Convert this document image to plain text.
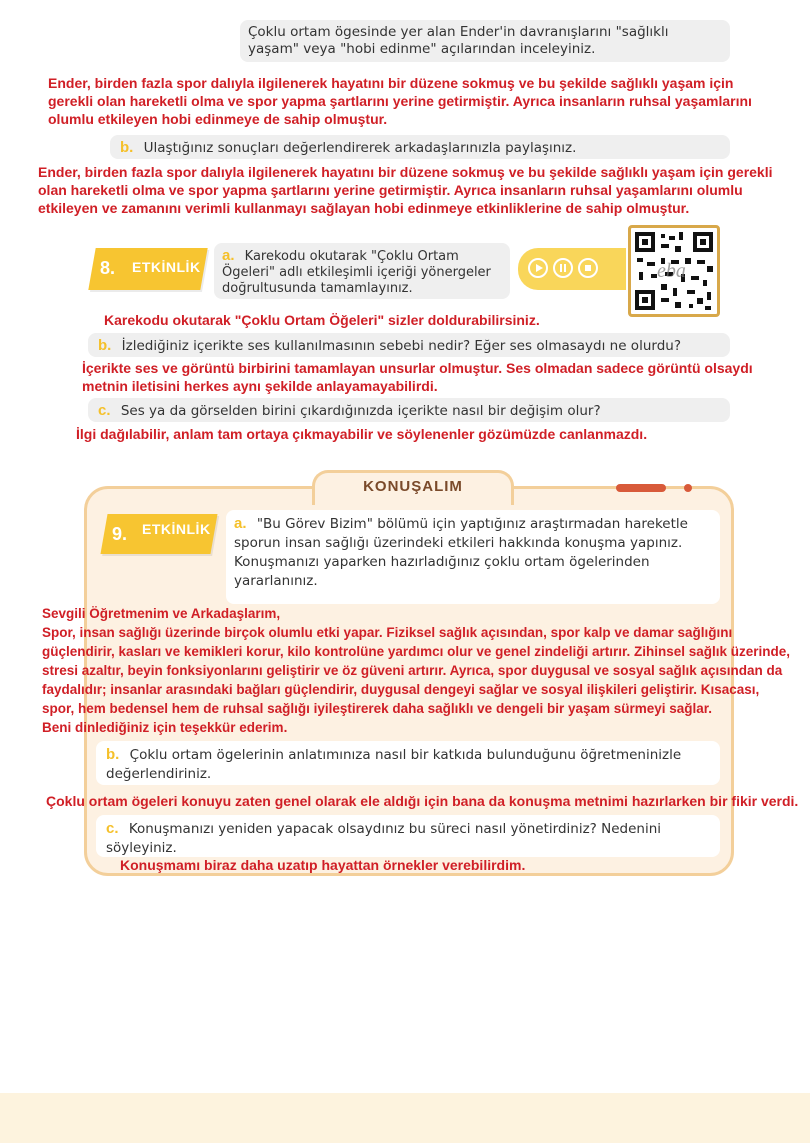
Çoklu ortam ögesinde yer alan Ender'in davranışlarını "sağlıklı yaşam" veya "hobi edinme" açılarından inceleyiniz.
Ender, birden fazla spor dalıyla ilgilenerek hayatını bir düzene sokmuş ve bu şekilde sağlıklı yaşam için gerekli olan hareketli olma ve spor yapma şartlarını yerine getirmiştir. Ayrıca insanların ruhsal yaşamlarını olumlu etkileyen hobi edinmeye de sahip olmuştur.
b. Ulaştığınız sonuçları değerlendirerek arkadaşlarınızla paylaşınız.
Ender, birden fazla spor dalıyla ilgilenerek hayatını bir düzene sokmuş ve bu şekilde sağlıklı yaşam için gerekli olan hareketli olma ve spor yapma şartlarını yerine getirmiştir. Ayrıca insanların ruhsal yaşamlarını olumlu etkileyen ve zamanını verimli kullanmayı sağlayan hobi edinmeye etkinliklerine de sahip olmuştur.
8. ETKİNLİK
a. Karekodu okutarak "Çoklu Ortam Ögeleri" adlı etkileşimli içeriği yönergeler doğrultusunda tamamlayınız.
eba
Karekodu okutarak "Çoklu Ortam Öğeleri" sizler doldurabilirsiniz.
b. İzlediğiniz içerikte ses kullanılmasının sebebi nedir? Eğer ses olmasaydı ne olurdu?
İçerikte ses ve görüntü birbirini tamamlayan unsurlar olmuştur. Ses olmadan sadece görüntü olsaydı metnin iletisini herkes aynı şekilde anlayamayabilirdi.
c. Ses ya da görselden birini çıkardığınızda içerikte nasıl bir değişim olur?
İlgi dağılabilir, anlam tam ortaya çıkmayabilir ve söylenenler gözümüzde canlanmazdı.
KONUŞALIM
9. ETKİNLİK	a. "Bu Görev Bizim" bölümü için yaptığınız araştırmadan hareketle sporun insan sağlığı üzerindeki etkileri hakkında konuşma yapınız. Konuşmanızı yaparken hazırladığınız çoklu ortam ögelerinden yararlanınız.
Sevgili Öğretmenim ve Arkadaşlarım,
Spor, insan sağlığı üzerinde birçok olumlu etki yapar. Fiziksel sağlık açısından, spor kalp ve damar sağlığını güçlendirir, kasları ve kemikleri korur, kilo kontrolüne yardımcı olur ve genel zindeliği artırır. Zihinsel sağlık üzerinde, stresi azaltır, beyin fonksiyonlarını geliştirir ve öz güveni artırır. Ayrıca, spor duygusal ve sosyal sağlık açısından da faydalıdır; insanlar arasındaki bağları güçlendirir, duygusal dengeyi sağlar ve sosyal ilişkileri geliştirir. Kısacası, spor, hem bedensel hem de ruhsal sağlığı iyileştirerek daha sağlıklı ve dengeli bir yaşam sürmeyi sağlar.
Beni dinlediğiniz için teşekkür ederim.
b. Çoklu ortam ögelerinin anlatımınıza nasıl bir katkıda bulunduğunu öğretmeninizle değerlendiriniz.
Çoklu ortam ögeleri konuyu zaten genel olarak ele aldığı için bana da konuşma metnimi hazırlarken bir fikir verdi.
c. Konuşmanızı yeniden yapacak olsaydınız bu süreci nasıl yönetirdiniz? Nedenini söyleyiniz.
Konuşmamı biraz daha uzatıp hayattan örnekler verebilirdim.
